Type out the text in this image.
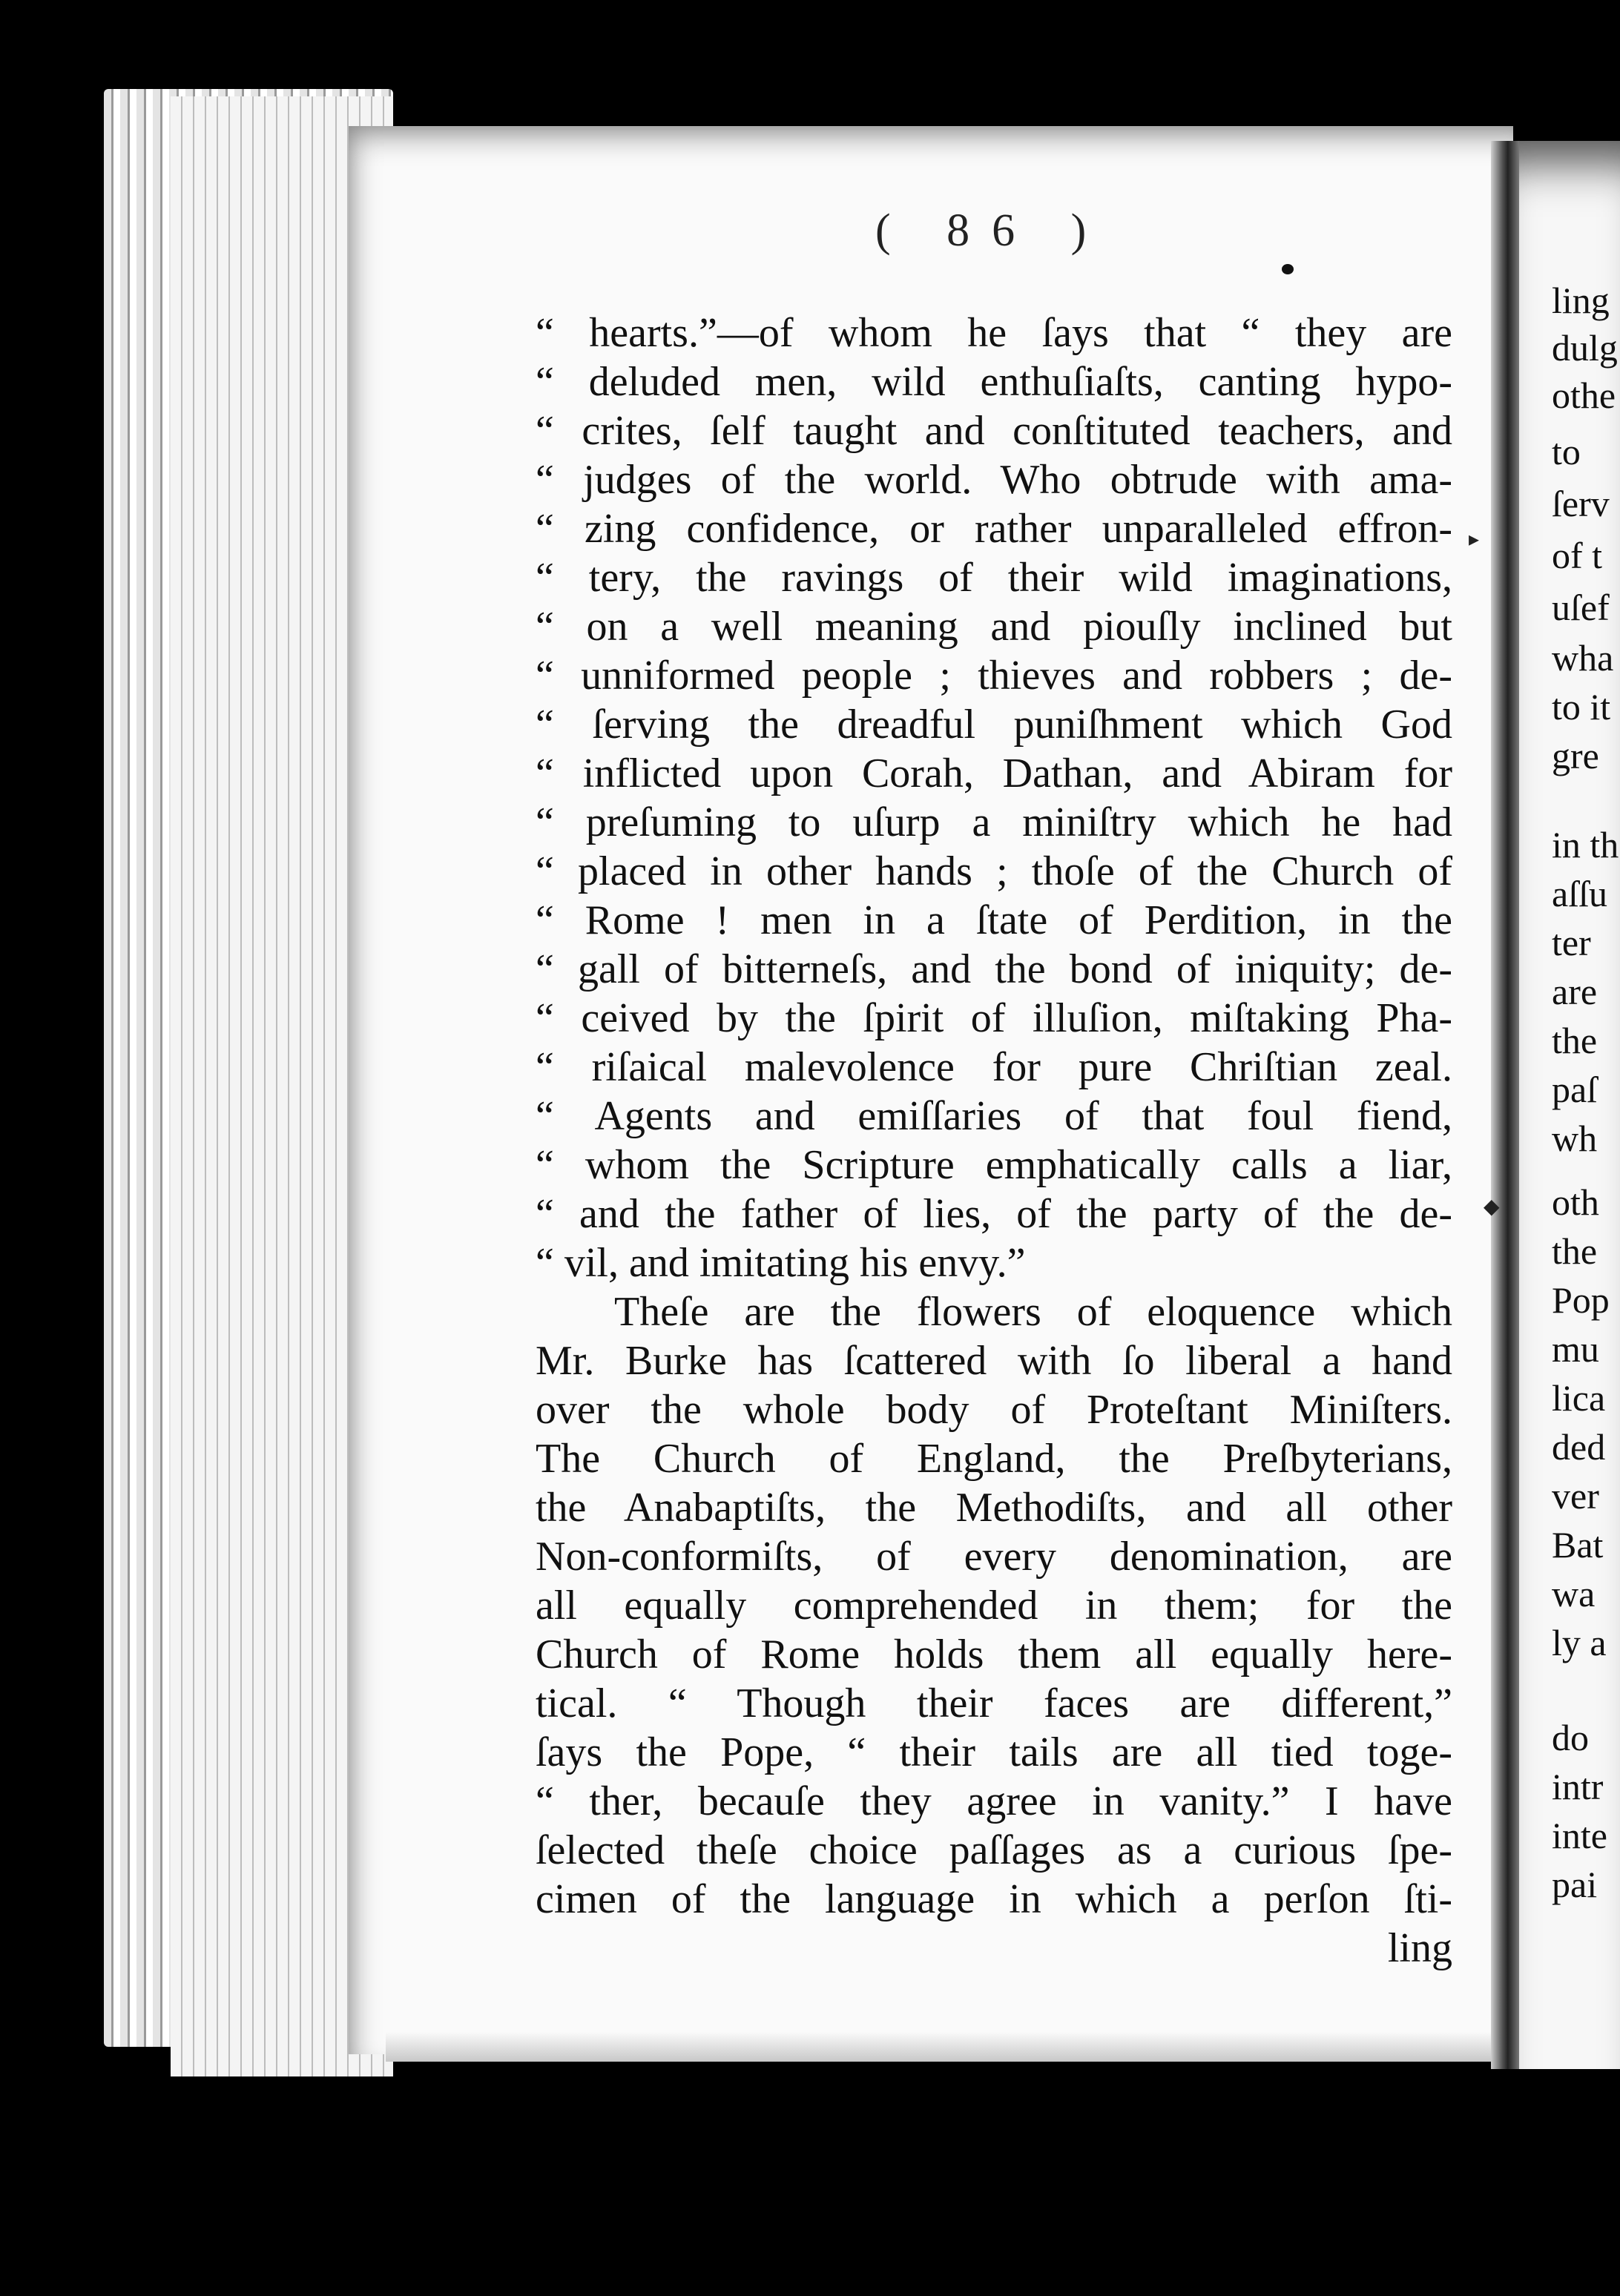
ling
dulg
othe
to
ſerv
of t
uſef
wha
to it
gre
in th
aſſu
ter
are
the
paſ
wh
oth
the
Pop
mu
lica
ded
ver
Bat
wa
ly a
do
intr
inte
pai
( 86 )
▸
◆
“ hearts.”—of whom he ſays that “ they are
“ deluded men, wild enthuſiaſts, canting hypo-
“ crites, ſelf taught and conſtituted teachers, and
“ judges of the world. Who obtrude with ama-
“ zing confidence, or rather unparalleled effron-
“ tery, the ravings of their wild imaginations,
“ on a well meaning and piouſly inclined but
“ unniformed people ; thieves and robbers ; de-
“ ſerving the dreadful puniſhment which God
“ inflicted upon Corah, Dathan, and Abiram for
“ preſuming to uſurp a miniſtry which he had
“ placed in other hands ; thoſe of the Church of
“ Rome ! men in a ſtate of Perdition, in the
“ gall of bitterneſs, and the bond of iniquity; de-
“ ceived by the ſpirit of illuſion, miſtaking Pha-
“ riſaical malevolence for pure Chriſtian zeal.
“ Agents and emiſſaries of that foul fiend,
“ whom the Scripture emphatically calls a liar,
“ and the father of lies, of the party of the de-
“ vil, and imitating his envy.”
Theſe are the flowers of eloquence which
Mr. Burke has ſcattered with ſo liberal a hand
over the whole body of Proteſtant Miniſters.
The Church of England, the Preſbyterians,
the Anabaptiſts, the Methodiſts, and all other
Non-conformiſts, of every denomination, are
all equally comprehended in them; for the
Church of Rome holds them all equally here-
tical. “ Though their faces are different,”
ſays the Pope, “ their tails are all tied toge-
“ ther, becauſe they agree in vanity.” I have
ſelected theſe choice paſſages as a curious ſpe-
cimen of the language in which a perſon ſti-
ling
